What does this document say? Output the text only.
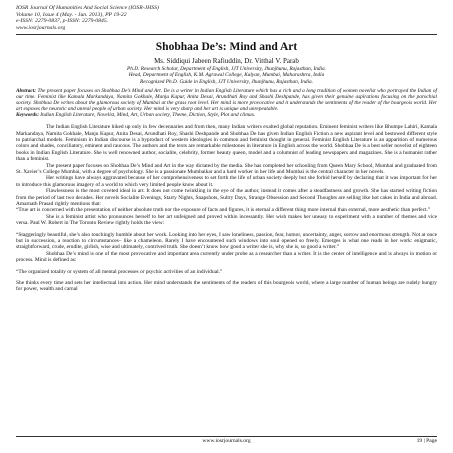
IOSR Journal Of Humanities And Social Science (IOSR-JHSS)
Volume 10, Issue 4 (May. - Jun. 2013), PP 19-22
e-ISSN: 2279-0837, p-ISSN: 2279-0845.
www.iosrjournals.org
Shobhaa De’s: Mind and Art
Ms. Siddiqui Jabeen Rafiuddin, Dr. Vitthal V. Parab
Ph.D. Research Scholar, Department of English, JJT University, Jhunjhunu, Rajasthan, India.
Head, Department of English, K.M. Agrawal College, Kalyan, Mumbai, Maharashtra, India
Recognized Ph.D. Guide in English, JJT University, Jhunjhunu, Rajasthan, India.
Abstract: The present paper focuses on Shobhaa De’s Mind and Art. De is a writer in Indian English Literature which has a rich and a long tradition of women novelist who portrayed the Indian of our time. Feminist like Kamala Markandaya, Namita Gokhale, Manju Kapur, Anita Desai, Arundhati Roy and Shashi Deshpande, has given their genuine aspirations focusing on the parochial society. Shobhaa De writes about the glamorous society of Mumbai at the grass root level. Her mind is more provocative and it understands the sentiments of the reader of the bourgeois world. Her art exposes the neurotic and unreal people of urban society. Her mind is very sharp and her art is unique and unrepeatable.
Keywords: Indian English Literature, Novelist, Mind, Art, Urban society, Theme, Diction, Style, Plot and climax.

The Indian English Literature hiked up only in few decennaries and from then, many Indian writers exalted global reputation. Eminent feminist writers like Bhumpe Lahiri, Kamala Markandaya, Namita Gokhale, Manju Kapur, Anita Desai, Arundhati Roy, Shashi Deshpande and Shobhaa De has given Indian English Fiction a new aspirant level and bestowed different style to patriarchal models. Feminism in Indian discourse is a byproduct of western ideologies in common and feminist thought in general. Feminist English Literature is an apparition of numerous colors and shades, conciliatory, eminent and raucous. The authors and the texts are remarkable milestones in literature in English across the world. Shobhaa De is a best seller novelist of eighteen books in Indian English Literature. She is well renowned author, socialite, celebrity, former beauty queen, model and a columnist of leading newspapers and magazines. She is a humanist rather than a feminist.

The present paper focuses on Shobhaa De’s Mind and Art in the way dictated by the media. She has completed her schooling from Queen Mary School, Mumbai and graduated from St. Xavier’s College Mumbai, with a degree of psychology. She is a passionate Mumbaikar and a hard worker in her life and Mumbai is the central character in her novels.

Her writings have always aggravated because of her comprehensiveness to set forth the life of urban society deeply but she forbid herself by declaring that it was important for her to introduce this glamorous imagery of a world to which very limited people know about it.

Flawlessness is the most coveted ideal in art. It does not come twinkling in the eye of the author, instead it comes after a steadfastness and growth. She has started writing fiction from the period of last two decades. Her novels Socialite Evenings, Starry Nights, Snapshots, Sultry Days, Strange Obsession and Second Thoughts are selling like hot cakes in India and abroad. Amarnath Prasad rightly mentions that:

“True art is concerned with the presentation of neither absolute truth nor the exposure of facts and figures, it is eternal a different thing more internal than external, more aesthetic than perfect.”

She is a feminist artist who pronounces herself to her art unfeigned and proved within incessantly. Her wish makes her uneasy to experiment with a number of themes and vice versa. Paul W. Robert in The Toronto Review rightly holds the view:

“Staggeringly beautiful, she’s also touchingly humble about her work. Looking into her eyes, I saw loneliness, passion, fear, humor, uncertainty, anger, sorrow and enormous strength. Not at once but in succession, a reaction to circumstances– like a chameleon. Rarely I have encountered such windows into soul opened so freely. Emerges is what one reads in her work: enigmatic, straightforward, crude, erudite, girlish, wise and ultimately, contrived truth. She doesn’t know how good a writer she is, why she is, so good a writer.”

Shobhaa De’s mind is one of the most provocative and important area currently under probe as a researcher than a writer. It is the center of intelligence and is always in motion or process. Mind is defined as:

“The organized totality or system of all mental processes or psychic activities of an individual.”

She thinks every time and sets her intellectual into action. Her mind understands the sentiments of the readers of this bourgeois world, where a large number of human beings are rudely hungry for power, wealth and carnal

www.iosrjournals.org	19 | Page
